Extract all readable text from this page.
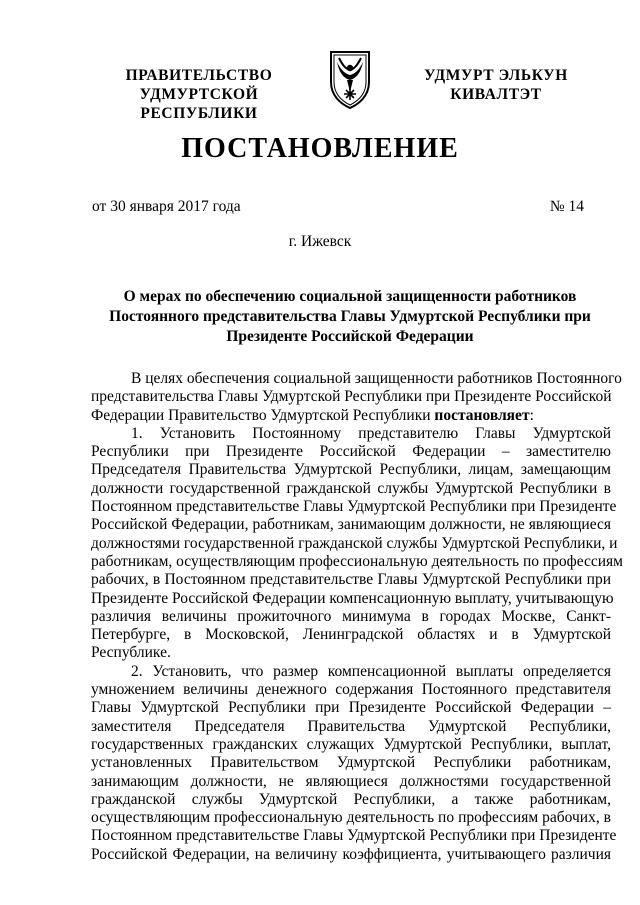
ПРАВИТЕЛЬСТВО
УДМУРТСКОЙ РЕСПУБЛИКИ
УДМУРТ ЭЛЬКУН
КИВАЛТЭТ
ПОСТАНОВЛЕНИЕ
от 30 января 2017 года	№ 14
г. Ижевск
О мерах по обеспечению социальной защищенности работников
Постоянного представительства Главы Удмуртской Республики при
Президенте Российской Федерации
В целях обеспечения социальной защищенности работников Постоянного
представительства Главы Удмуртской Республики при Президенте Российской
Федерации Правительство Удмуртской Республики постановляет:
1. Установить Постоянному представителю Главы Удмуртской
Республики при Президенте Российской Федерации – заместителю
Председателя Правительства Удмуртской Республики, лицам, замещающим
должности государственной гражданской службы Удмуртской Республики в
Постоянном представительстве Главы Удмуртской Республики при Президенте
Российской Федерации, работникам, занимающим должности, не являющиеся
должностями государственной гражданской службы Удмуртской Республики, и
работникам, осуществляющим профессиональную деятельность по профессиям
рабочих, в Постоянном представительстве Главы Удмуртской Республики при
Президенте Российской Федерации компенсационную выплату, учитывающую
различия величины прожиточного минимума в городах Москве, Санкт-
Петербурге, в Московской, Ленинградской областях и в Удмуртской
Республике.
2. Установить, что размер компенсационной выплаты определяется
умножением величины денежного содержания Постоянного представителя
Главы Удмуртской Республики при Президенте Российской Федерации –
заместителя Председателя Правительства Удмуртской Республики,
государственных гражданских служащих Удмуртской Республики, выплат,
установленных Правительством Удмуртской Республики работникам,
занимающим должности, не являющиеся должностями государственной
гражданской службы Удмуртской Республики, а также работникам,
осуществляющим профессиональную деятельность по профессиям рабочих, в
Постоянном представительстве Главы Удмуртской Республики при Президенте
Российской Федерации, на величину коэффициента, учитывающего различия
